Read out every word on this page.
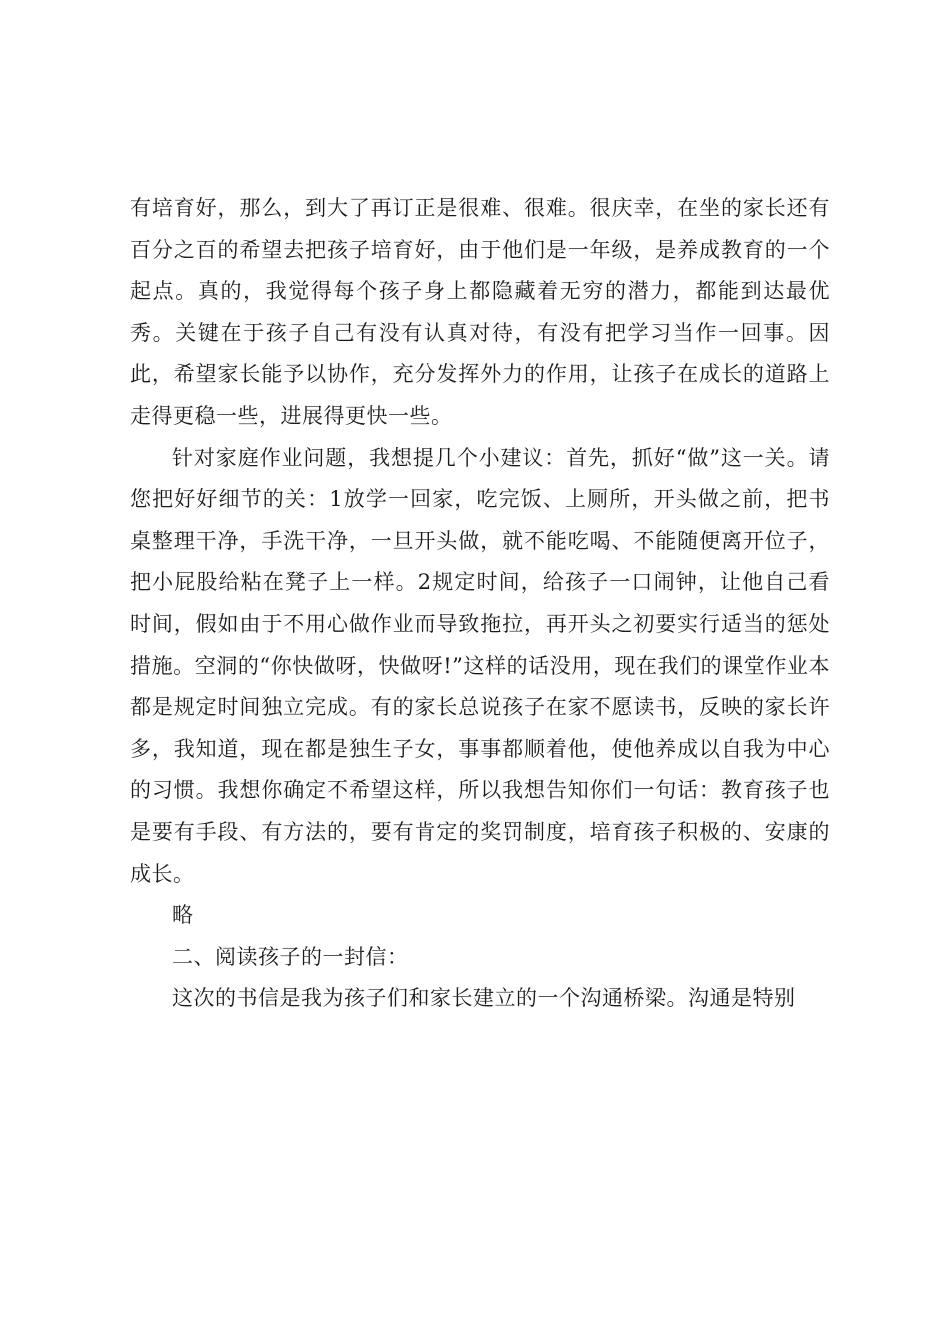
有培育好，那么，到大了再订正是很难、很难。很庆幸，在坐的家长还有百分之百的希望去把孩子培育好，由于他们是一年级，是养成教育的一个起点。真的，我觉得每个孩子身上都隐藏着无穷的潜力，都能到达最优秀。关键在于孩子自己有没有认真对待，有没有把学习当作一回事。因此，希望家长能予以协作，充分发挥外力的作用，让孩子在成长的道路上走得更稳一些，进展得更快一些。

针对家庭作业问题，我想提几个小建议：首先，抓好“做”这一关。请您把好好细节的关：1放学一回家，吃完饭、上厕所，开头做之前，把书桌整理干净，手洗干净，一旦开头做，就不能吃喝、不能随便离开位子，把小屁股给粘在凳子上一样。2规定时间，给孩子一口闹钟，让他自己看时间，假如由于不用心做作业而导致拖拉，再开头之初要实行适当的惩处措施。空洞的“你快做呀，快做呀!”这样的话没用，现在我们的课堂作业本都是规定时间独立完成。有的家长总说孩子在家不愿读书，反映的家长许多，我知道，现在都是独生子女，事事都顺着他，使他养成以自我为中心的习惯。我想你确定不希望这样，所以我想告知你们一句话：教育孩子也是要有手段、有方法的，要有肯定的奖罚制度，培育孩子积极的、安康的成长。

略

二、阅读孩子的一封信：

这次的书信是我为孩子们和家长建立的一个沟通桥梁。沟通是特别
